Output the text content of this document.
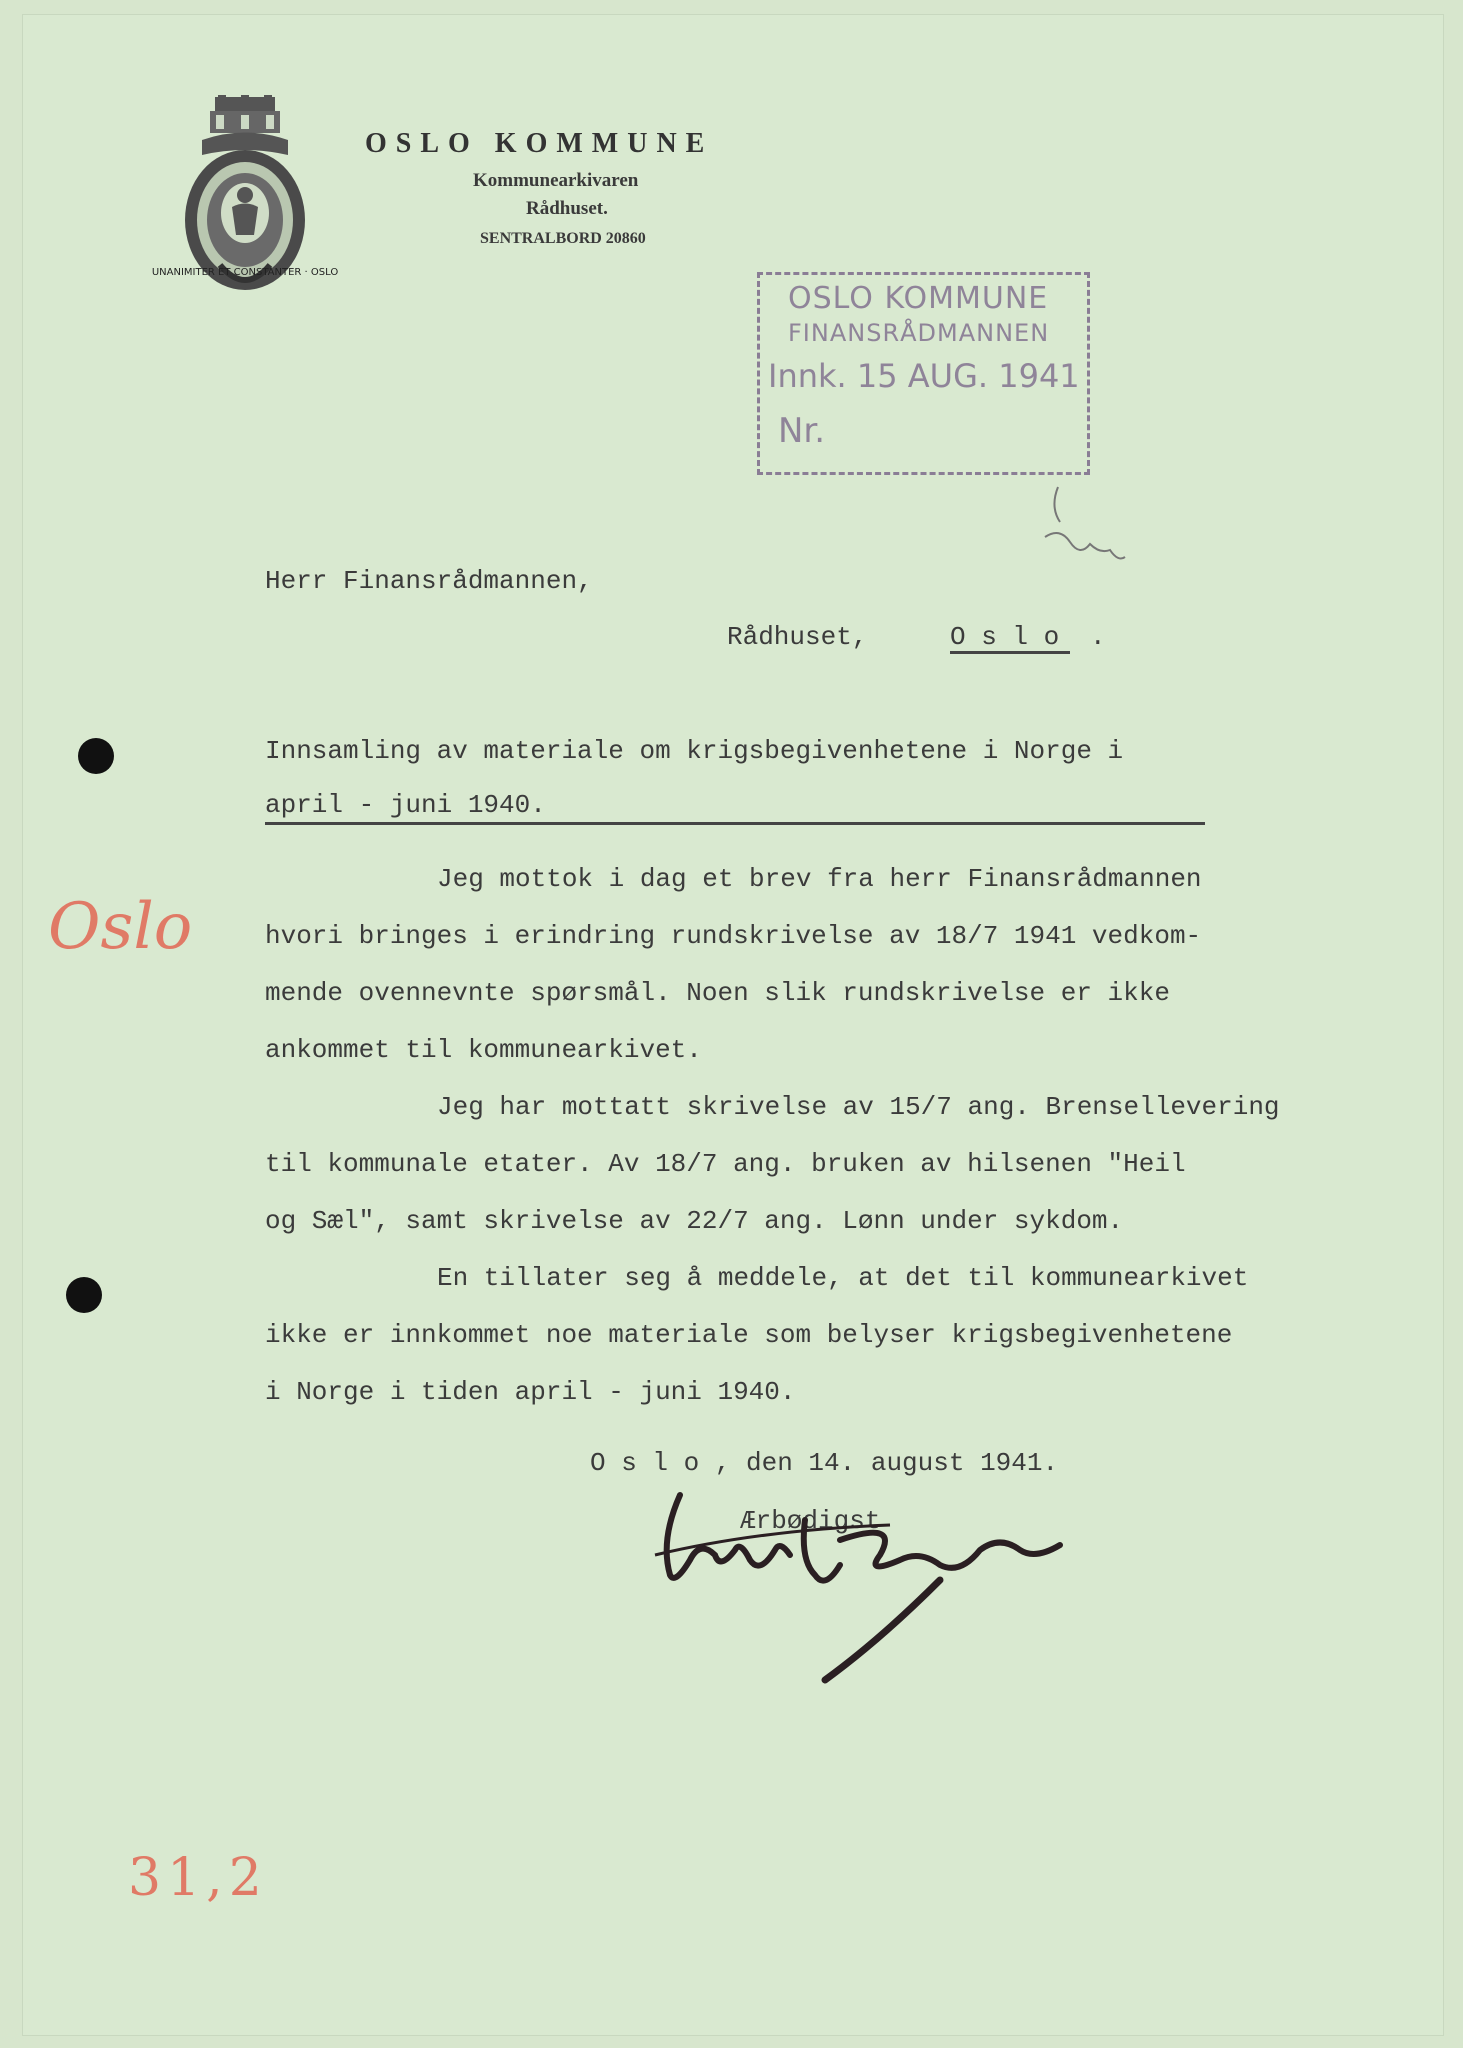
UNANIMITER ET CONSTANTER · OSLO
OSLO KOMMUNE
Kommunearkivaren
Rådhuset.
SENTRALBORD 20860
OSLO KOMMUNE
FINANSRÅDMANNEN
Innk. 15 AUG. 1941
Nr.
Herr Finansrådmannen,
Rådhuset,	O s l o .
Innsamling av materiale om krigsbegivenhetene i Norge i
april - juni 1940.
Jeg mottok i dag et brev fra herr Finansrådmannen
hvori bringes i erindring rundskrivelse av 18/7 1941 vedkom-
mende ovennevnte spørsmål. Noen slik rundskrivelse er ikke
ankommet til kommunearkivet.
Jeg har mottatt skrivelse av 15/7 ang. Brensellevering
til kommunale etater. Av 18/7 ang. bruken av hilsenen "Heil
og Sæl", samt skrivelse av 22/7 ang. Lønn under sykdom.
En tillater seg å meddele, at det til kommunearkivet
ikke er innkommet noe materiale som belyser krigsbegivenhetene
i Norge i tiden april - juni 1940.
O s l o , den 14. august 1941.
Ærbødigst
Oslo
31,2
